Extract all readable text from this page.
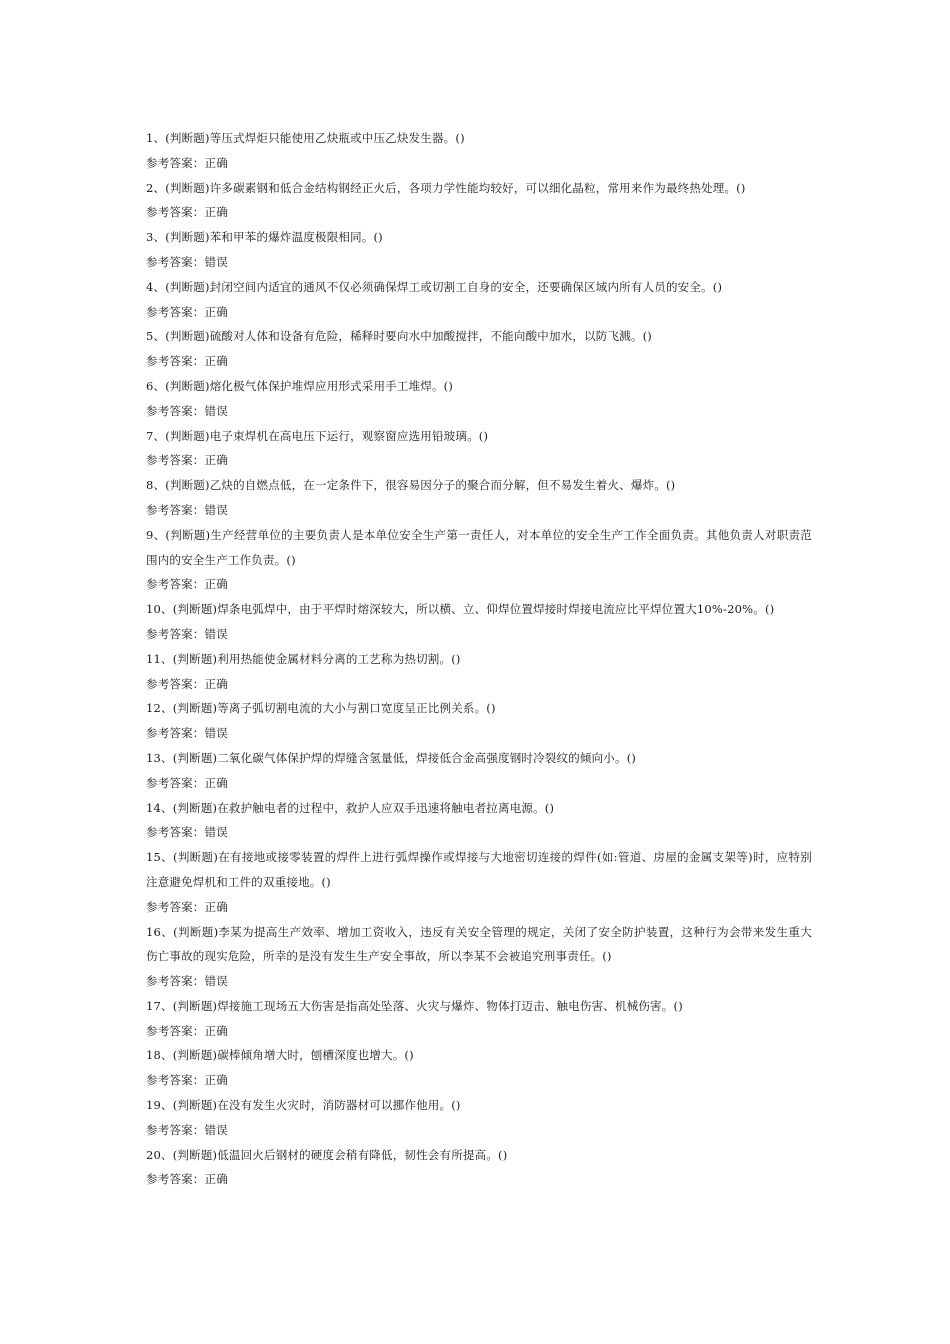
1、(判断题)等压式焊炬只能使用乙炔瓶或中压乙炔发生器。()

参考答案：正确

2、(判断题)许多碳素钢和低合金结构钢经正火后，各项力学性能均较好，可以细化晶粒，常用来作为最终热处理。()

参考答案：正确

3、(判断题)苯和甲苯的爆炸温度极限相同。()

参考答案：错误

4、(判断题)封闭空间内适宜的通风不仅必须确保焊工或切割工自身的安全，还要确保区域内所有人员的安全。()

参考答案：正确

5、(判断题)硫酸对人体和设备有危险，稀释时要向水中加酸搅拌，不能向酸中加水，以防飞溅。()

参考答案：正确

6、(判断题)熔化极气体保护堆焊应用形式采用手工堆焊。()

参考答案：错误

7、(判断题)电子束焊机在高电压下运行，观察窗应选用铅玻璃。()

参考答案：正确

8、(判断题)乙炔的自燃点低，在一定条件下，很容易因分子的聚合而分解，但不易发生着火、爆炸。()

参考答案：错误

9、(判断题)生产经营单位的主要负责人是本单位安全生产第一责任人，对本单位的安全生产工作全面负责。其他负责人对职责范围内的安全生产工作负责。()

参考答案：正确

10、(判断题)焊条电弧焊中，由于平焊时熔深较大，所以横、立、仰焊位置焊接时焊接电流应比平焊位置大10%-20%。()

参考答案：错误

11、(判断题)利用热能使金属材料分离的工艺称为热切割。()

参考答案：正确

12、(判断题)等离子弧切割电流的大小与割口宽度呈正比例关系。()

参考答案：错误

13、(判断题)二氧化碳气体保护焊的焊缝含氢量低，焊接低合金高强度钢时冷裂纹的倾向小。()

参考答案：正确

14、(判断题)在救护触电者的过程中，救护人应双手迅速将触电者拉离电源。()

参考答案：错误

15、(判断题)在有接地或接零装置的焊件上进行弧焊操作或焊接与大地密切连接的焊件(如:管道、房屋的金属支架等)时，应特别注意避免焊机和工件的双重接地。()

参考答案：正确

16、(判断题)李某为提高生产效率、增加工资收入，违反有关安全管理的规定，关闭了安全防护装置，这种行为会带来发生重大伤亡事故的现实危险，所幸的是没有发生生产安全事故，所以李某不会被追究刑事责任。()

参考答案：错误

17、(判断题)焊接施工现场五大伤害是指高处坠落、火灾与爆炸、物体打迈击、触电伤害、机械伤害。()

参考答案：正确

18、(判断题)碳棒倾角增大时，刨槽深度也增大。()

参考答案：正确

19、(判断题)在没有发生火灾时，消防器材可以挪作他用。()

参考答案：错误

20、(判断题)低温回火后钢材的硬度会稍有降低，韧性会有所提高。()

参考答案：正确
